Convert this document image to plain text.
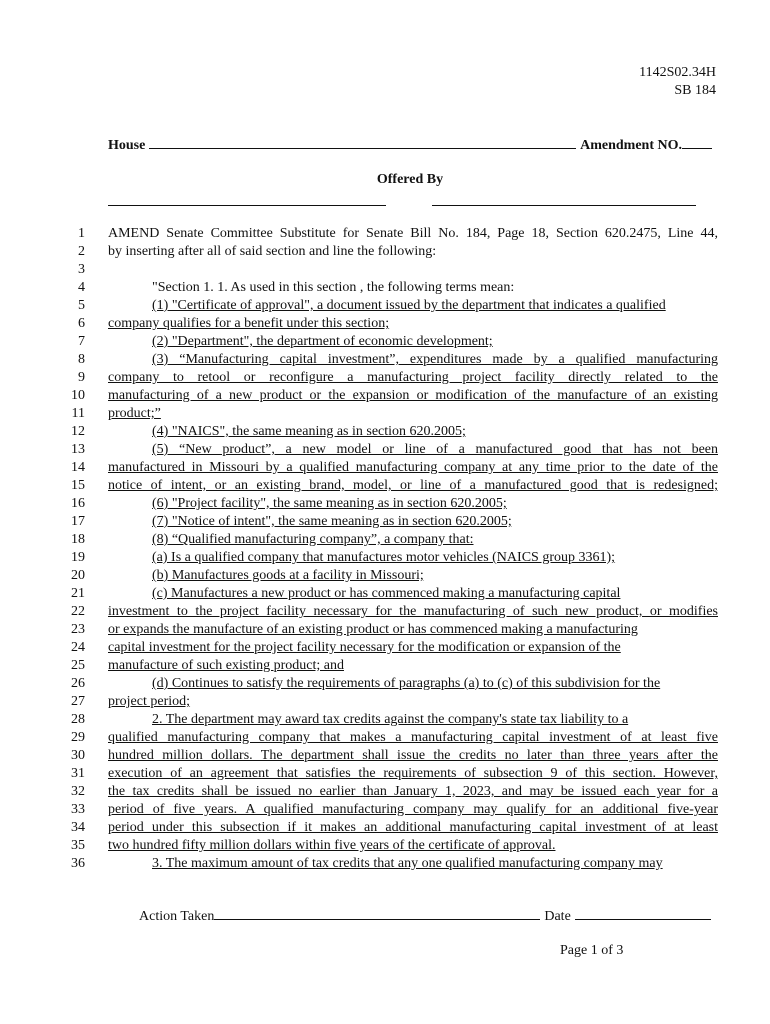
1142S02.34H
SB 184
House	Amendment NO.
Offered By
1 AMEND Senate Committee Substitute for Senate Bill No. 184, Page 18, Section 620.2475, Line 44,
2 by inserting after all of said section and line the following:
3
4	"Section 1. 1. As used in this section , the following terms mean:
5	(1) "Certificate of approval", a document issued by the department that indicates a qualified
6 company qualifies for a benefit under this section;
7	(2) "Department", the department of economic development;
8	(3) “Manufacturing capital investment”, expenditures made by a qualified manufacturing
9 company to retool or reconfigure a manufacturing project facility directly related to the
10 manufacturing of a new product or the expansion or modification of the manufacture of an existing
11 product;”
12	(4) "NAICS", the same meaning as in section 620.2005;
13	(5) “New product”, a new model or line of a manufactured good that has not been
14 manufactured in Missouri by a qualified manufacturing company at any time prior to the date of the
15 notice of intent, or an existing brand, model, or line of a manufactured good that is redesigned;
16	(6) "Project facility", the same meaning as in section 620.2005;
17	(7) "Notice of intent", the same meaning as in section 620.2005;
18	(8) “Qualified manufacturing company”, a company that:
19	(a) Is a qualified company that manufactures motor vehicles (NAICS group 3361);
20	(b) Manufactures goods at a facility in Missouri;
21	(c) Manufactures a new product or has commenced making a manufacturing capital
22 investment to the project facility necessary for the manufacturing of such new product, or modifies
23 or expands the manufacture of an existing product or has commenced making a manufacturing
24 capital investment for the project facility necessary for the modification or expansion of the
25 manufacture of such existing product; and
26	(d) Continues to satisfy the requirements of paragraphs (a) to (c) of this subdivision for the
27 project period;
28	2. The department may award tax credits against the company's state tax liability to a
29 qualified manufacturing company that makes a manufacturing capital investment of at least five
30 hundred million dollars. The department shall issue the credits no later than three years after the
31 execution of an agreement that satisfies the requirements of subsection 9 of this section. However,
32 the tax credits shall be issued no earlier than January 1, 2023, and may be issued each year for a
33 period of five years. A qualified manufacturing company may qualify for an additional five-year
34 period under this subsection if it makes an additional manufacturing capital investment of at least
35 two hundred fifty million dollars within five years of the certificate of approval.
36	3. The maximum amount of tax credits that any one qualified manufacturing company may
Action Taken	Date
Page 1 of 3
